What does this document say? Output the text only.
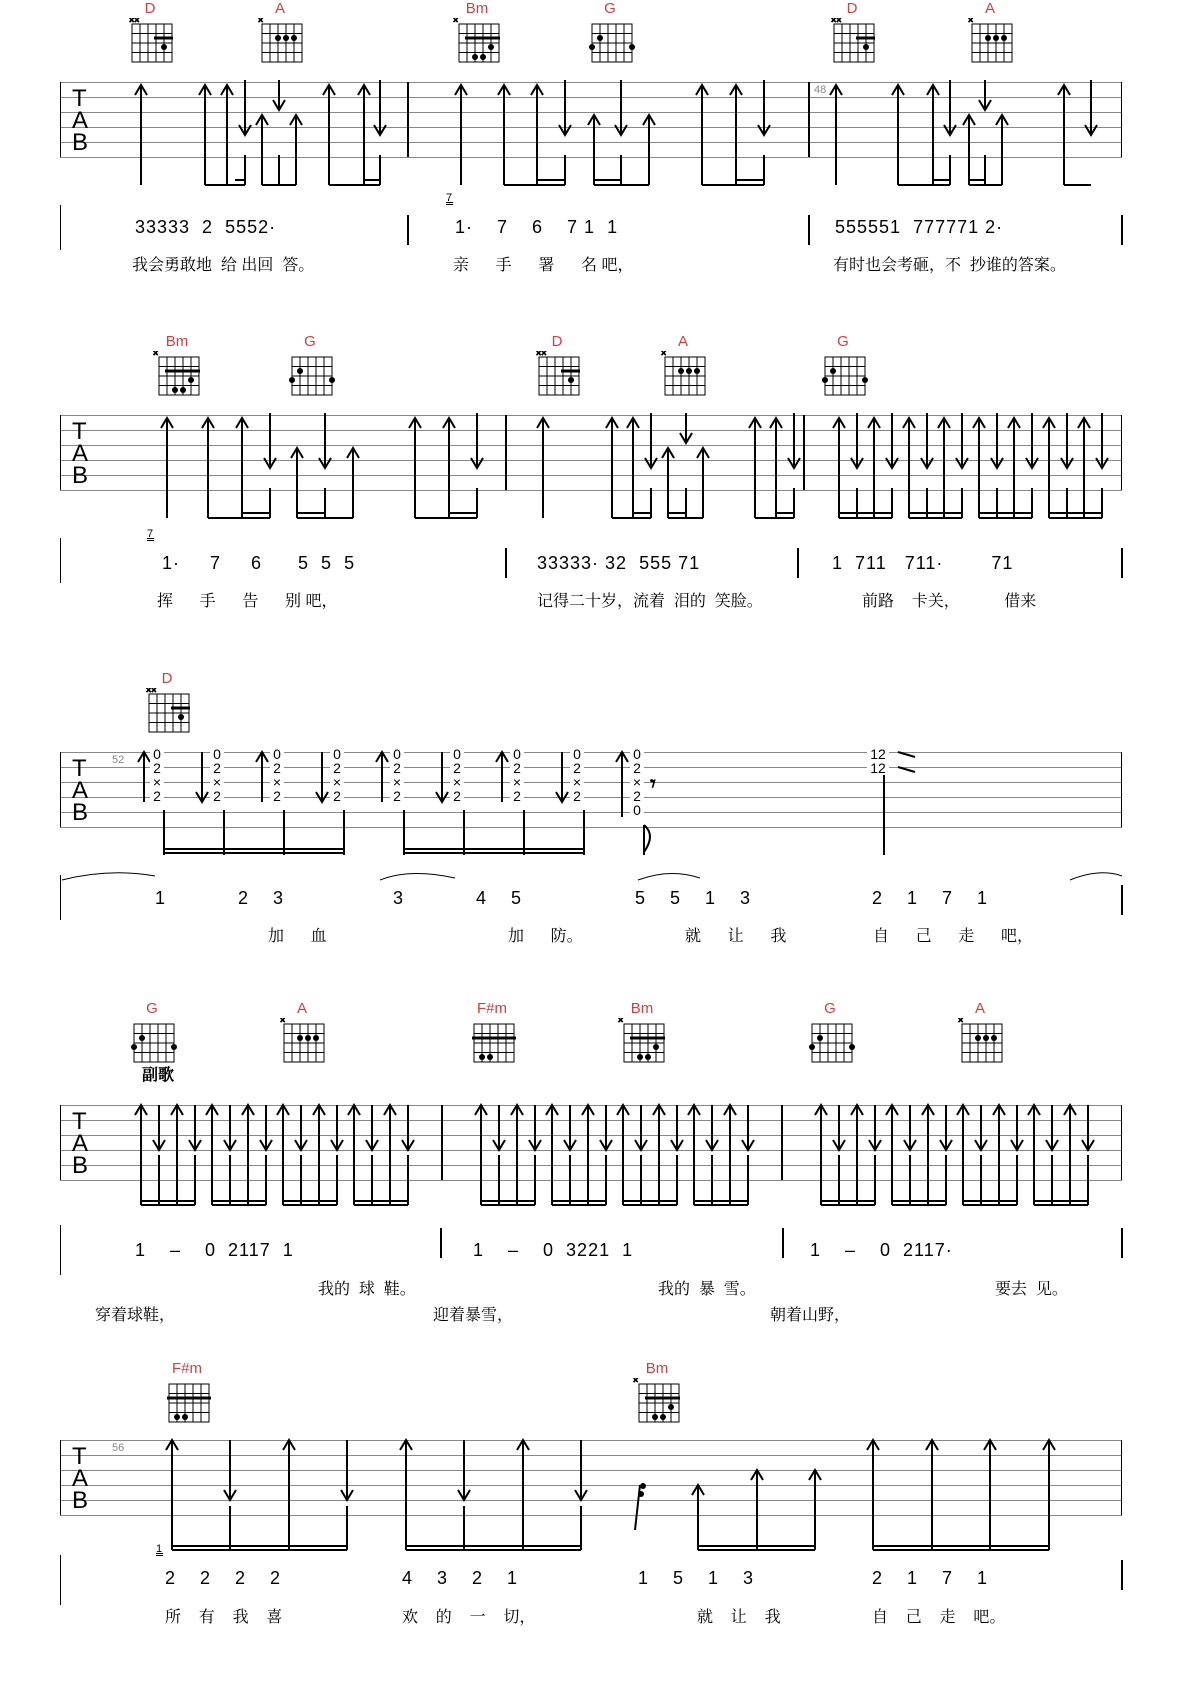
D
××
A
×
Bm
×
G	D
××
A
×
T
A
B
48
7
33333  2  5552·	1·    7    6    7 1  1	555551  777771 2·
我会勇敢地  给 出回  答。	亲      手      署      名 吧，	有时也会考砸，不  抄谁的答案。
Bm
×
G	D
××
A
×
G
T
A
B
7
1·     7     6      5  5  5	33333· 32  555 71	1  711   711·        71
挥      手      告      别 吧，	记得二十岁，流着  泪的  笑脸。	前路    卡关，          借来
D
××
T
A
B
52
𝄾
0
2
×
2
0
2
×
2
0
2
×
2
0
2
×
2
0
2
×
2
0
2
×
2
0
2
×
2
0
2
×
2
0
2
×
2
0
12
12
1            2    3	3            4    5	5    5    1    3	2    1    7    1
加      血	加      防。	就      让      我	自      己      走      吧，
G
副歌
A
×
F#m	Bm
×
G	A
×
T
A
B
1    –    0  2117  1	1    –    0  3221  1	1    –    0  2117·
我的  球  鞋。	我的  暴  雪。	要去  见。
穿着球鞋，	迎着暴雪，	朝着山野，
F#m	Bm
×
T
A
B
56
1
2    2    2    2	4    3    2    1	1    5    1    3	2    1    7    1
所    有    我    喜	欢    的    一    切，	就    让    我	自    己    走    吧。
